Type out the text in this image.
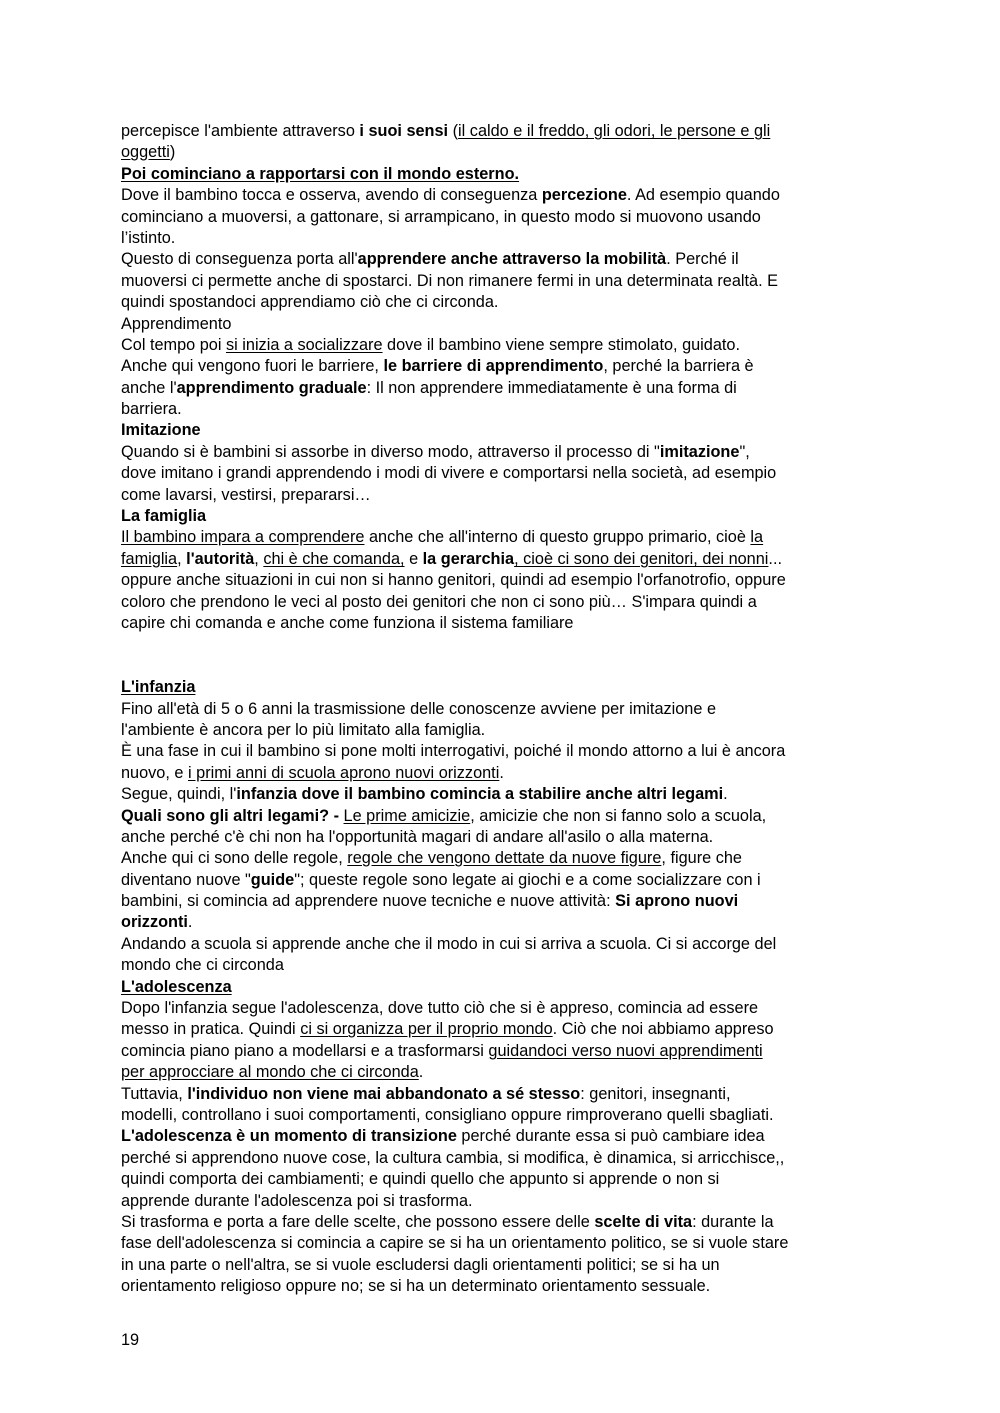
percepisce l'ambiente attraverso i suoi sensi (il caldo e il freddo, gli odori, le persone e gli
oggetti)
Poi cominciano a rapportarsi con il mondo esterno.
Dove il bambino tocca e osserva, avendo di conseguenza percezione. Ad esempio quando
cominciano a muoversi, a gattonare, si arrampicano, in questo modo si muovono usando
l’istinto.
Questo di conseguenza porta all'apprendere anche attraverso la mobilità. Perché il
muoversi ci permette anche di spostarci. Di non rimanere fermi in una determinata realtà. E
quindi spostandoci apprendiamo ciò che ci circonda.
Apprendimento
Col tempo poi si inizia a socializzare dove il bambino viene sempre stimolato, guidato.
Anche qui vengono fuori le barriere, le barriere di apprendimento, perché la barriera è
anche l'apprendimento graduale: Il non apprendere immediatamente è una forma di
barriera.
Imitazione
Quando si è bambini si assorbe in diverso modo, attraverso il processo di "imitazione",
dove imitano i grandi apprendendo i modi di vivere e comportarsi nella società, ad esempio
come lavarsi, vestirsi, prepararsi…
La famiglia
Il bambino impara a comprendere anche che all'interno di questo gruppo primario, cioè la
famiglia, l'autorità, chi è che comanda, e la gerarchia, cioè ci sono dei genitori, dei nonni...
oppure anche situazioni in cui non si hanno genitori, quindi ad esempio l'orfanotrofio, oppure
coloro che prendono le veci al posto dei genitori che non ci sono più… S'impara quindi a
capire chi comanda e anche come funziona il sistema familiare
L'infanzia
Fino all'età di 5 o 6 anni la trasmissione delle conoscenze avviene per imitazione e
l'ambiente è ancora per lo più limitato alla famiglia.
È una fase in cui il bambino si pone molti interrogativi, poiché il mondo attorno a lui è ancora
nuovo, e i primi anni di scuola aprono nuovi orizzonti.
Segue, quindi, l'infanzia dove il bambino comincia a stabilire anche altri legami.
Quali sono gli altri legami? - Le prime amicizie, amicizie che non si fanno solo a scuola,
anche perché c'è chi non ha l'opportunità magari di andare all'asilo o alla materna.
Anche qui ci sono delle regole, regole che vengono dettate da nuove figure, figure che
diventano nuove "guide"; queste regole sono legate ai giochi e a come socializzare con i
bambini, si comincia ad apprendere nuove tecniche e nuove attività: Si aprono nuovi
orizzonti.
Andando a scuola si apprende anche che il modo in cui si arriva a scuola. Ci si accorge del
mondo che ci circonda
L'adolescenza
Dopo l'infanzia segue l'adolescenza, dove tutto ciò che si è appreso, comincia ad essere
messo in pratica. Quindi ci si organizza per il proprio mondo. Ciò che noi abbiamo appreso
comincia piano piano a modellarsi e a trasformarsi guidandoci verso nuovi apprendimenti
per approcciare al mondo che ci circonda.
Tuttavia, l'individuo non viene mai abbandonato a sé stesso: genitori, insegnanti,
modelli, controllano i suoi comportamenti, consigliano oppure rimproverano quelli sbagliati.
L'adolescenza è un momento di transizione perché durante essa si può cambiare idea
perché si apprendono nuove cose, la cultura cambia, si modifica, è dinamica, si arricchisce,,
quindi comporta dei cambiamenti; e quindi quello che appunto si apprende o non si
apprende durante l'adolescenza poi si trasforma.
Si trasforma e porta a fare delle scelte, che possono essere delle scelte di vita: durante la
fase dell'adolescenza si comincia a capire se si ha un orientamento politico, se si vuole stare
in una parte o nell'altra, se si vuole escludersi dagli orientamenti politici; se si ha un
orientamento religioso oppure no; se si ha un determinato orientamento sessuale.
19
